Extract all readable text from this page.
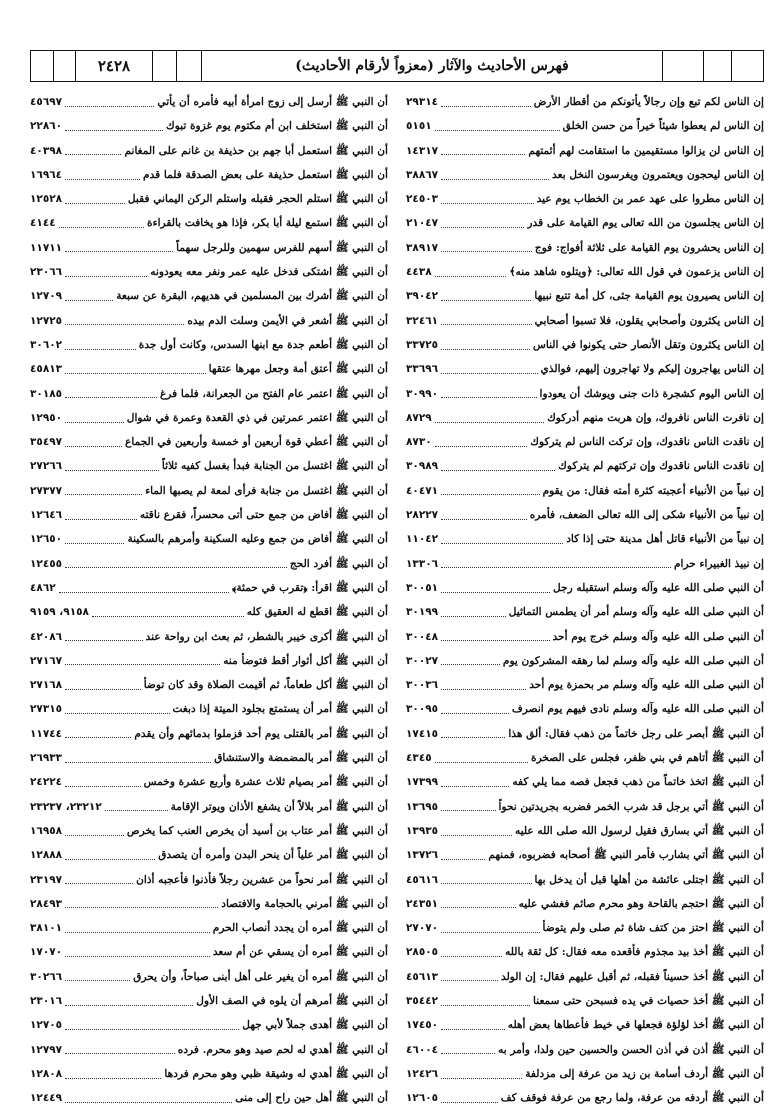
٢٤٢٨	فهرس الأحاديث والآثار (معزواً لأرقام الأحاديث)
إن الناس لكم تبع وإن رجالاً يأتونكم من أقطار الأرض
٢٩٣١٤
إن الناس لم يعطوا شيئاً خيراً من حسن الخلق
٥١٥١
إن الناس لن يزالوا مستقيمين ما استقامت لهم أئمتهم
١٤٣١٧
إن الناس ليحجون ويعتمرون ويغرسون النخل بعد
٣٨٨٦٧
إن الناس مطروا على عهد عمر بن الخطاب يوم عيد
٢٤٥٠٣
إن الناس يجلسون من الله تعالى يوم القيامة على قدر
٢١٠٤٧
إن الناس يحشرون يوم القيامة على ثلاثة أفواج: فوج
٣٨٩١٧
إن الناس يزعمون في قول الله تعالى: ﴿ويتلوه شاهد منه﴾
٤٤٣٨
إن الناس يصيرون يوم القيامة جثى، كل أمة تتبع نبيها
٣٩٠٤٢
إن الناس يكثرون وأصحابي يقلون، فلا تسبوا أصحابي
٣٢٤٦١
إن الناس يكثرون وتقل الأنصار حتى يكونوا في الناس
٣٣٧٢٥
إن الناس يهاجرون إليكم ولا تهاجرون إليهم، فوالذي
٣٣٦٩٦
إن الناس اليوم كشجرة ذات جنى ويوشك أن يعودوا
٣٠٩٩٠
إن نافرت الناس نافروك، وإن هربت منهم أدركوك
٨٧٢٩
إن ناقدت الناس ناقدوك، وإن تركت الناس لم يتركوك
٨٧٣٠
إن ناقدت الناس ناقدوك وإن تركتهم لم يتركوك
٣٠٩٨٩
إن نبياً من الأنبياء أعجبته كثرة أمته فقال: من يقوم
٤٠٤٧١
إن نبياً من الأنبياء شكى إلى الله تعالى الضعف، فأمره
٢٨٢٢٧
إن نبياً من الأنبياء قاتل أهل مدينة حتى إذا كاد
١١٠٤٢
إن نبيذ الغبيراء حرام
١٣٣٠٦
أن النبي صلى الله عليه وآله وسلم استقبله رجل
٣٠٠٥١
أن النبي صلى الله عليه وآله وسلم أمر أن يطمس التماثيل
٣٠١٩٩
أن النبي صلى الله عليه وآله وسلم خرج يوم أحد
٣٠٠٤٨
أن النبي صلى الله عليه وآله وسلم لما رهقه المشركون يوم
٣٠٠٢٧
أن النبي صلى الله عليه وآله وسلم مر بحمزة يوم أحد
٣٠٠٣٦
أن النبي صلى الله عليه وآله وسلم نادى فيهم يوم انصرف
٣٠٠٩٥
أن النبي ﷺ أبصر على رجل خاتماً من ذهب فقال: ألق هذا
١٧٤١٥
أن النبي ﷺ أتاهم في بني ظفر، فجلس على الصخرة
٤٣٤٥
أن النبي ﷺ اتخذ خاتماً من ذهب فجعل فصه مما يلي كفه
١٧٣٩٩
أن النبي ﷺ أتي برجل قد شرب الخمر فضربه بجريدتين نحواً
١٣٦٩٥
أن النبي ﷺ أتي بسارق فقيل لرسول الله صلى الله عليه
١٣٩٣٥
أن النبي ﷺ أتي بشارب فأمر النبي ﷺ أصحابه فضربوه، فمنهم
١٣٧٢٦
أن النبي ﷺ اجتلى عائشة من أهلها قبل أن يدخل بها
٤٥٦١٦
أن النبي ﷺ احتجم بالقاحة وهو محرم صائم فغشي عليه
٢٤٣٥١
أن النبي ﷺ احتز من كتف شاة ثم صلى ولم يتوضأ
٢٧٠٧٠
أن النبي ﷺ أخذ بيد مجذوم فأقعده معه فقال: كل ثقة بالله
٢٨٥٠٥
أن النبي ﷺ أخذ حسيناً فقبله، ثم أقبل عليهم فقال: إن الولد
٤٥٦١٣
أن النبي ﷺ أخذ حصيات في يده فسبحن حتى سمعنا
٣٥٤٤٢
أن النبي ﷺ أخذ لؤلؤة فجعلها في خيط فأعطاها بعض أهله
١٧٤٥٠
أن النبي ﷺ أذن في أذن الحسن والحسين حين ولدا، وأمر به
٤٦٠٠٤
أن النبي ﷺ أردف أسامة بن زيد من عرفة إلى مزدلفة
١٢٤٢٦
أن النبي ﷺ أردفه من عرفة، ولما رجع من عرفة فوقف كف
١٢٦٠٥
أن النبي ﷺ أرسل إلى زوج امرأة أبيه فأمره أن يأتي
٤٥٦٩٧
أن النبي ﷺ استخلف ابن أم مكتوم يوم غزوة تبوك
٢٢٨٦٠
أن النبي ﷺ استعمل أبا جهم بن حذيفة بن غانم على المغانم
٤٠٣٩٨
أن النبي ﷺ استعمل حذيفة على بعض الصدقة فلما قدم
١٦٩٦٤
أن النبي ﷺ استلم الحجر فقبله واستلم الركن اليماني فقبل
١٢٥٢٨
أن النبي ﷺ استمع ليلة أبا بكر، فإذا هو يخافت بالقراءة
٤١٤٤
أن النبي ﷺ أسهم للفرس سهمين وللرجل سهماً
١١٧١١
أن النبي ﷺ اشتكى فدخل عليه عمر ونفر معه يعودونه
٢٣٠٦٦
أن النبي ﷺ أشرك بين المسلمين في هديهم، البقرة عن سبعة
١٢٧٠٩
أن النبي ﷺ أشعر في الأيمن وسلت الدم بيده
١٢٧٢٥
أن النبي ﷺ أطعم جدة مع ابنها السدس، وكانت أول جدة
٣٠٦٠٢
أن النبي ﷺ أعتق أمة وجعل مهرها عتقها
٤٥٨١٣
أن النبي ﷺ اعتمر عام الفتح من الجعرانة، فلما فرغ
٣٠١٨٥
أن النبي ﷺ اعتمر عمرتين في ذي القعدة وعمرة في شوال
١٢٩٥٠
أن النبي ﷺ أعطي قوة أربعين أو خمسة وأربعين في الجماع
٣٥٤٩٧
أن النبي ﷺ اغتسل من الجنابة فبدأ بغسل كفيه ثلاثاً
٢٧٢٦٦
أن النبي ﷺ اغتسل من جنابة فرأى لمعة لم يصبها الماء
٢٧٣٧٧
أن النبي ﷺ أفاض من جمع حتى أتى محسراً، فقرع ناقته
١٢٦٤٦
أن النبي ﷺ أفاض من جمع وعليه السكينة وأمرهم بالسكينة
١٢٦٥٠
أن النبي ﷺ أفرد الحج
١٢٤٥٥
أن النبي ﷺ اقرأ: ﴿تقرب في حمئة﴾
٤٨٦٢
أن النبي ﷺ اقطع له العقيق كله
٩١٥٨، ٩١٥٩
أن النبي ﷺ أكرى خيبر بالشطر، ثم بعث ابن رواحة عند
٤٢٠٨٦
أن النبي ﷺ أكل أثوار أقط فتوضأ منه
٢٧١٦٧
أن النبي ﷺ أكل طعاماً، ثم أقيمت الصلاة وقد كان توضأ
٢٧١٦٨
أن النبي ﷺ أمر أن يستمتع بجلود الميتة إذا دبغت
٢٧٣١٥
أن النبي ﷺ أمر بالقتلى يوم أحد فزملوا بدمائهم وأن يقدم
١١٧٤٤
أن النبي ﷺ أمر بالمضمضة والاستنشاق
٢٦٩٣٣
أن النبي ﷺ أمر بصيام ثلاث عشرة وأربع عشرة وخمس
٢٤٢٢٤
أن النبي ﷺ أمر بلالاً أن يشفع الأذان ويوتر الإقامة
٢٣٢١٢، ٢٣٢٣٧
أن النبي ﷺ أمر عتاب بن أسيد أن يخرص العنب كما يخرص
١٦٩٥٨
أن النبي ﷺ أمر علياً أن ينحر البدن وأمره أن يتصدق
١٢٨٨٨
أن النبي ﷺ أمر نحواً من عشرين رجلاً فأذنوا فأعجبه أذان
٢٣١٩٧
أن النبي ﷺ أمرني بالحجامة والافتصاد
٢٨٤٩٣
أن النبي ﷺ أمره أن يجدد أنصاب الحرم
٣٨١٠١
أن النبي ﷺ أمره أن يسقي عن أم سعد
١٧٠٧٠
أن النبي ﷺ أمره أن يغير على أهل أبنى صباحاً، وأن يحرق
٣٠٢٦٦
أن النبي ﷺ أمرهم أن يلوه في الصف الأول
٢٣٠١٦
أن النبي ﷺ أهدى جملاً لأبي جهل
١٢٧٠٥
أن النبي ﷺ أهدي له لحم صيد وهو محرم. فرده
١٢٧٩٧
أن النبي ﷺ أهدي له وشيقة ظبي وهو محرم فردها
١٢٨٠٨
أن النبي ﷺ أهل حين راح إلى منى
١٢٤٤٩
